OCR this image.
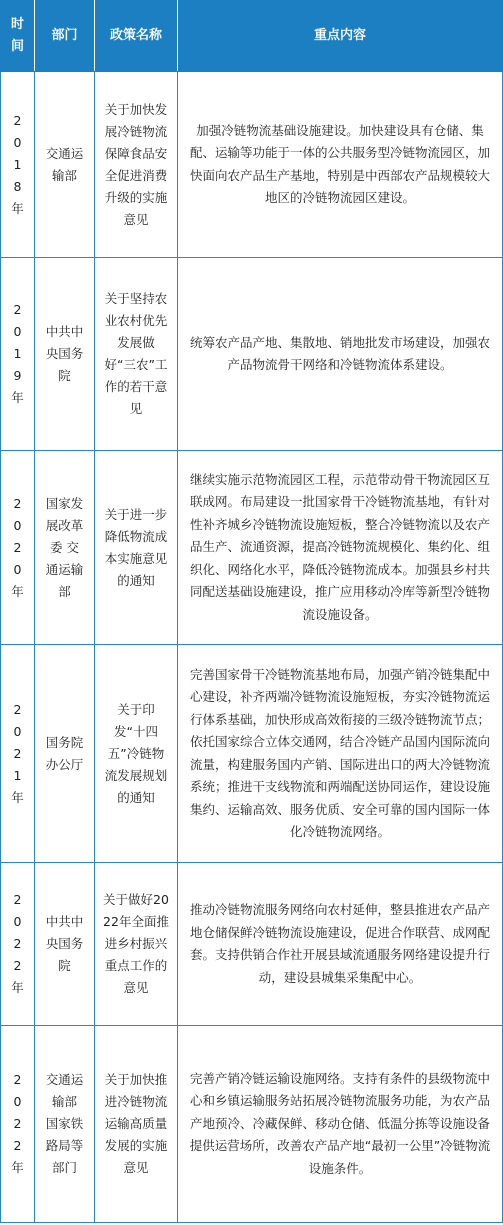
时间	部门	政策名称	重点内容
2018年	交通运输部	关于加快发展冷链物流保障食品安全促进消费升级的实施意见	加强冷链物流基础设施建设。加快建设具有仓储、集配、运输等功能于一体的公共服务型冷链物流园区，加快面向农产品生产基地，特别是中西部农产品规模较大地区的冷链物流园区建设。
2019年	中共中央国务院	关于坚持农业农村优先发展做好“三农”工作的若干意见	统筹农产品产地、集散地、销地批发市场建设，加强农产品物流骨干网络和冷链物流体系建设。
2020年	国家发展改革委 交通运输部	关于进一步降低物流成本实施意见的通知	继续实施示范物流园区工程，示范带动骨干物流园区互联成网。布局建设一批国家骨干冷链物流基地，有针对性补齐城乡冷链物流设施短板，整合冷链物流以及农产品生产、流通资源，提高冷链物流规模化、集约化、组织化、网络化水平，降低冷链物流成本。加强县乡村共同配送基础设施建设，推广应用移动冷库等新型冷链物流设施设备。
2021年	国务院办公厅	关于印发“十四五”冷链物流发展规划的通知	完善国家骨干冷链物流基地布局，加强产销冷链集配中心建设，补齐两端冷链物流设施短板，夯实冷链物流运行体系基础，加快形成高效衔接的三级冷链物流节点；依托国家综合立体交通网，结合冷链产品国内国际流向流量，构建服务国内产销、国际进出口的两大冷链物流系统；推进干支线物流和两端配送协同运作，建设设施集约、运输高效、服务优质、安全可靠的国内国际一体化冷链物流网络。
2022年	中共中央国务院	关于做好2022年全面推进乡村振兴重点工作的意见	推动冷链物流服务网络向农村延伸，整县推进农产品产地仓储保鲜冷链物流设施建设，促进合作联营、成网配套。支持供销合作社开展县域流通服务网络建设提升行动，建设县城集采集配中心。
2022年	交通运输部 国家铁路局等部门	关于加快推进冷链物流运输高质量发展的实施意见	完善产销冷链运输设施网络。支持有条件的县级物流中心和乡镇运输服务站拓展冷链物流服务功能，为农产品产地预冷、冷藏保鲜、移动仓储、低温分拣等设施设备提供运营场所，改善农产品产地“最初一公里”冷链物流设施条件。
